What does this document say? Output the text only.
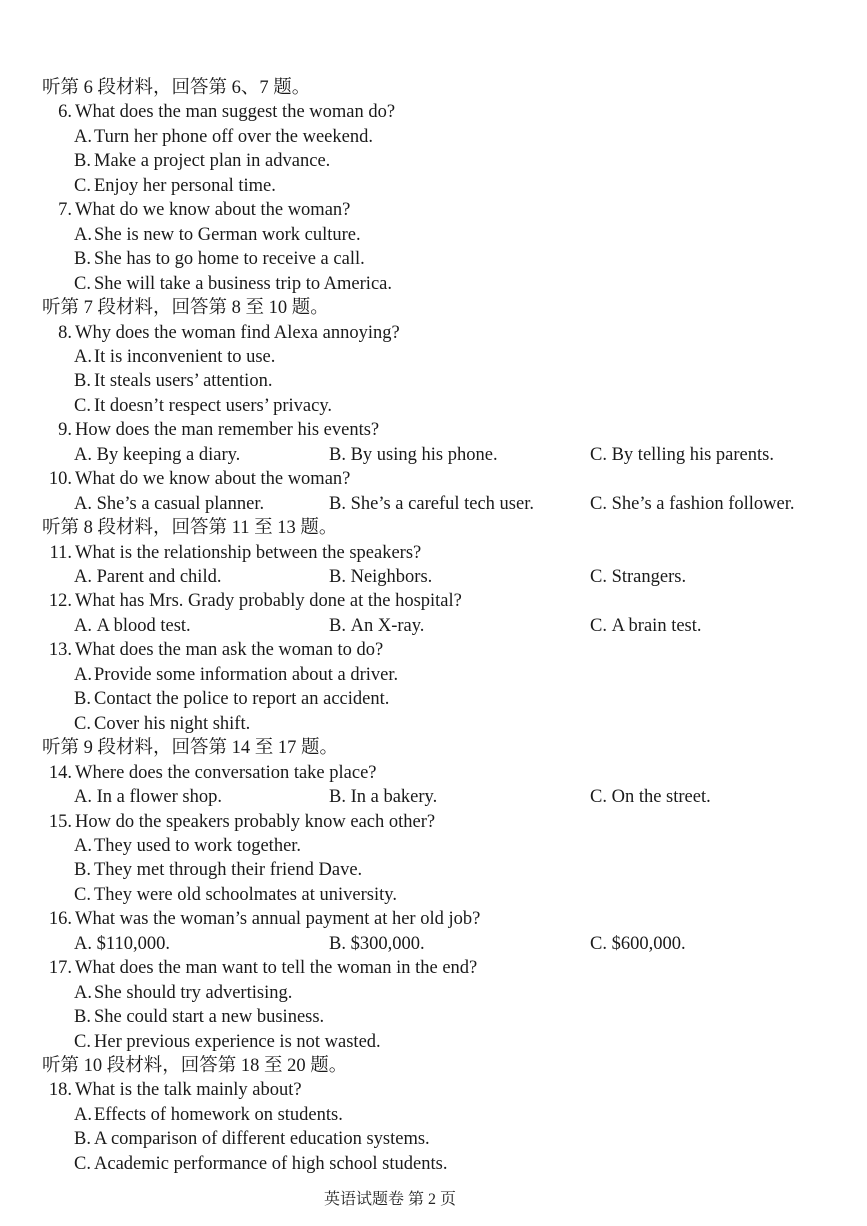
听第 6 段材料，回答第 6、7 题。
6. What does the man suggest the woman do?
A. Turn her phone off over the weekend.
B. Make a project plan in advance.
C. Enjoy her personal time.
7. What do we know about the woman?
A. She is new to German work culture.
B. She has to go home to receive a call.
C. She will take a business trip to America.
听第 7 段材料，回答第 8 至 10 题。
8. Why does the woman find Alexa annoying?
A. It is inconvenient to use.
B. It steals users’ attention.
C. It doesn’t respect users’ privacy.
9. How does the man remember his events?
A. By keeping a diary.	B. By using his phone.	C. By telling his parents.
10. What do we know about the woman?
A. She’s a casual planner.	B. She’s a careful tech user.	C. She’s a fashion follower.
听第 8 段材料，回答第 11 至 13 题。
11. What is the relationship between the speakers?
A. Parent and child.	B. Neighbors.	C. Strangers.
12. What has Mrs. Grady probably done at the hospital?
A. A blood test.	B. An X-ray.	C. A brain test.
13. What does the man ask the woman to do?
A. Provide some information about a driver.
B. Contact the police to report an accident.
C. Cover his night shift.
听第 9 段材料，回答第 14 至 17 题。
14. Where does the conversation take place?
A. In a flower shop.	B. In a bakery.	C. On the street.
15. How do the speakers probably know each other?
A. They used to work together.
B. They met through their friend Dave.
C. They were old schoolmates at university.
16. What was the woman’s annual payment at her old job?
A. $110,000.	B. $300,000.	C. $600,000.
17. What does the man want to tell the woman in the end?
A. She should try advertising.
B. She could start a new business.
C. Her previous experience is not wasted.
听第 10 段材料，回答第 18 至 20 题。
18. What is the talk mainly about?
A. Effects of homework on students.
B. A comparison of different education systems.
C. Academic performance of high school students.
英语试题卷 第 2 页
